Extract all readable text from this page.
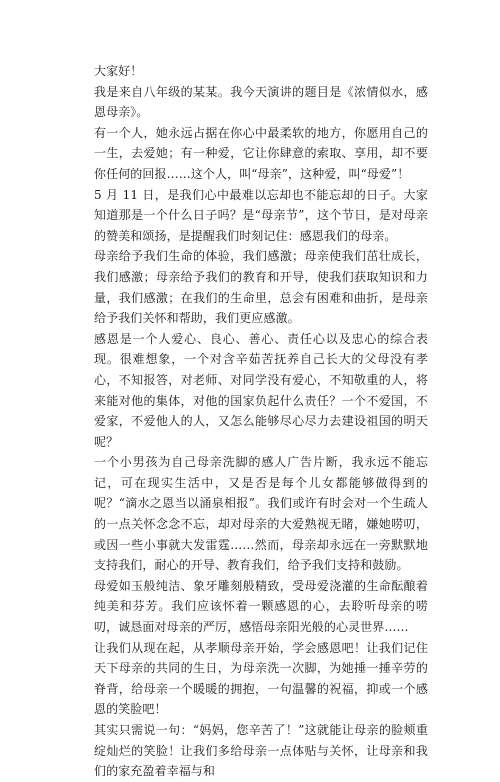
大家好！

我是来自八年级的某某。我今天演讲的题目是《浓情似水，感恩母亲》。

有一个人，她永远占据在你心中最柔软的地方，你愿用自己的一生，去爱她；有一种爱，它让你肆意的索取、享用，却不要你任何的回报……这个人，叫“母亲”，这种爱，叫“母爱”！

5 月 11 日，是我们心中最难以忘却也不能忘却的日子。大家知道那是一个什么日子吗？是“母亲节”，这个节日，是对母亲的赞美和颂扬，是提醒我们时刻记住：感恩我们的母亲。

母亲给予我们生命的体验，我们感激；母亲使我们茁壮成长，我们感激；母亲给予我们的教育和开导，使我们获取知识和力量，我们感激；在我们的生命里，总会有困难和曲折，是母亲给予我们关怀和帮助，我们更应感激。

感恩是一个人爱心、良心、善心、责任心以及忠心的综合表现。很难想象，一个对含辛茹苦抚养自己长大的父母没有孝心，不知报答，对老师、对同学没有爱心，不知敬重的人，将来能对他的集体，对他的国家负起什么责任？一个不爱国，不爱家，不爱他人的人，又怎么能够尽心尽力去建设祖国的明天呢？

一个小男孩为自己母亲洗脚的感人广告片断，我永远不能忘记，可在现实生活中，又是否是每个儿女都能够做得到的呢？“滴水之恩当以涌泉相报”。我们或许有时会对一个生疏人的一点关怀念念不忘，却对母亲的大爱熟视无睹，嫌她唠叨，或因一些小事就大发雷霆……然而，母亲却永远在一旁默默地支持我们，耐心的开导、教育我们，给予我们支持和鼓励。

母爱如玉般纯洁、象牙雕刻般精致，受母爱浇灌的生命酝酿着纯美和芬芳。我们应该怀着一颗感恩的心，去聆听母亲的唠叨，诚恳面对母亲的严厉，感悟母亲阳光般的心灵世界……

让我们从现在起，从孝顺母亲开始，学会感恩吧！让我们记住天下母亲的共同的生日，为母亲洗一次脚，为她捶一捶辛劳的脊背，给母亲一个暖暖的拥抱，一句温馨的祝福，抑或一个感恩的笑脸吧！

其实只需说一句：“妈妈，您辛苦了！”这就能让母亲的脸颊重绽灿烂的笑脸！让我们多给母亲一点体贴与关怀，让母亲和我们的家充盈着幸福与和
